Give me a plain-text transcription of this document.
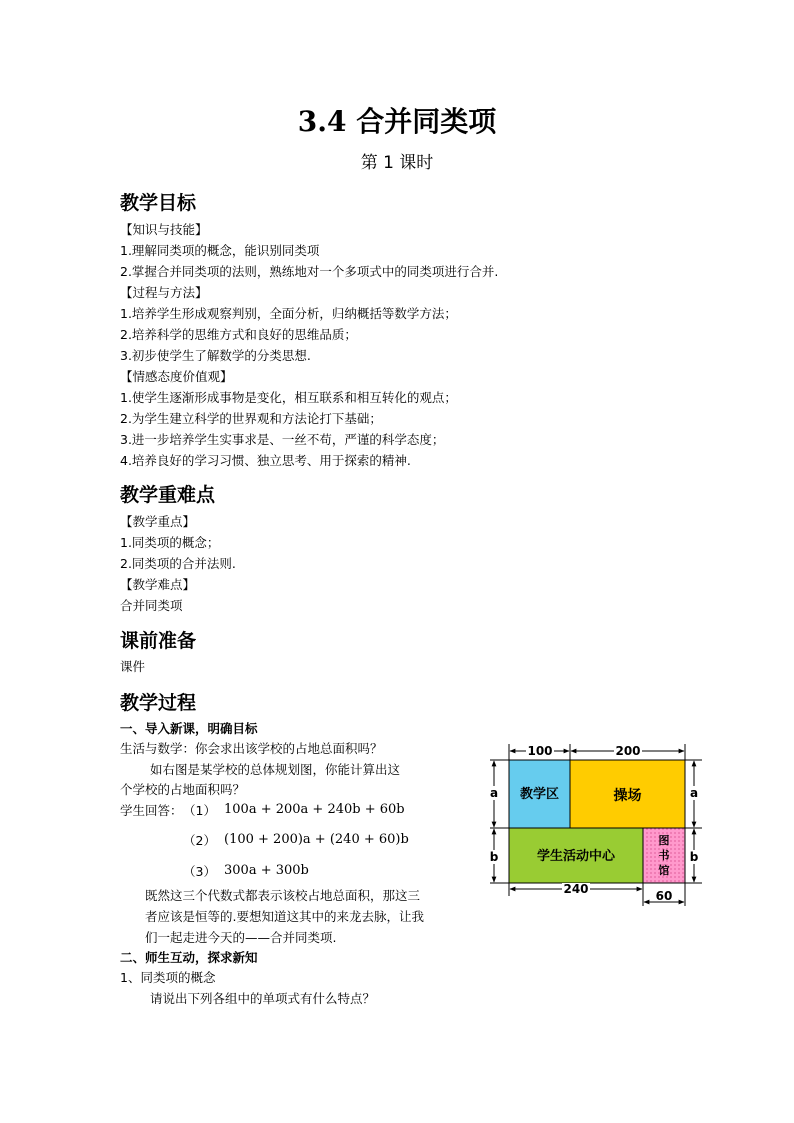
3.4 合并同类项
第 1 课时
教学目标
【知识与技能】
1.理解同类项的概念，能识别同类项
2.掌握合并同类项的法则，熟练地对一个多项式中的同类项进行合并.
【过程与方法】
1.培养学生形成观察判别，全面分析，归纳概括等数学方法；
2.培养科学的思维方式和良好的思维品质；
3.初步使学生了解数学的分类思想.
【情感态度价值观】
1.使学生逐渐形成事物是变化，相互联系和相互转化的观点；
2.为学生建立科学的世界观和方法论打下基础；
3.进一步培养学生实事求是、一丝不苟，严谨的科学态度；
4.培养良好的学习习惯、独立思考、用于探索的精神.
教学重难点
【教学重点】
1.同类项的概念；
2.同类项的合并法则.
【教学难点】
合并同类项
课前准备
课件
教学过程
一、导入新课，明确目标
生活与数学：你会求出该学校的占地总面积吗？
如右图是某学校的总体规划图，你能计算出这
个学校的占地面积吗？
学生回答： （1） 100a + 200a + 240b + 60b
（2） (100 + 200)a + (240 + 60)b
（3） 300a + 300b
既然这三个代数式都表示该校占地总面积，那这三
者应该是恒等的.要想知道这其中的来龙去脉，让我
们一起走进今天的——合并同类项.
二、师生互动，探求新知
1、同类项的概念
请说出下列各组中的单项式有什么特点？
教学区	操场
学生活动中心
图
书
馆
100	200
a	a
b	b
240	60
